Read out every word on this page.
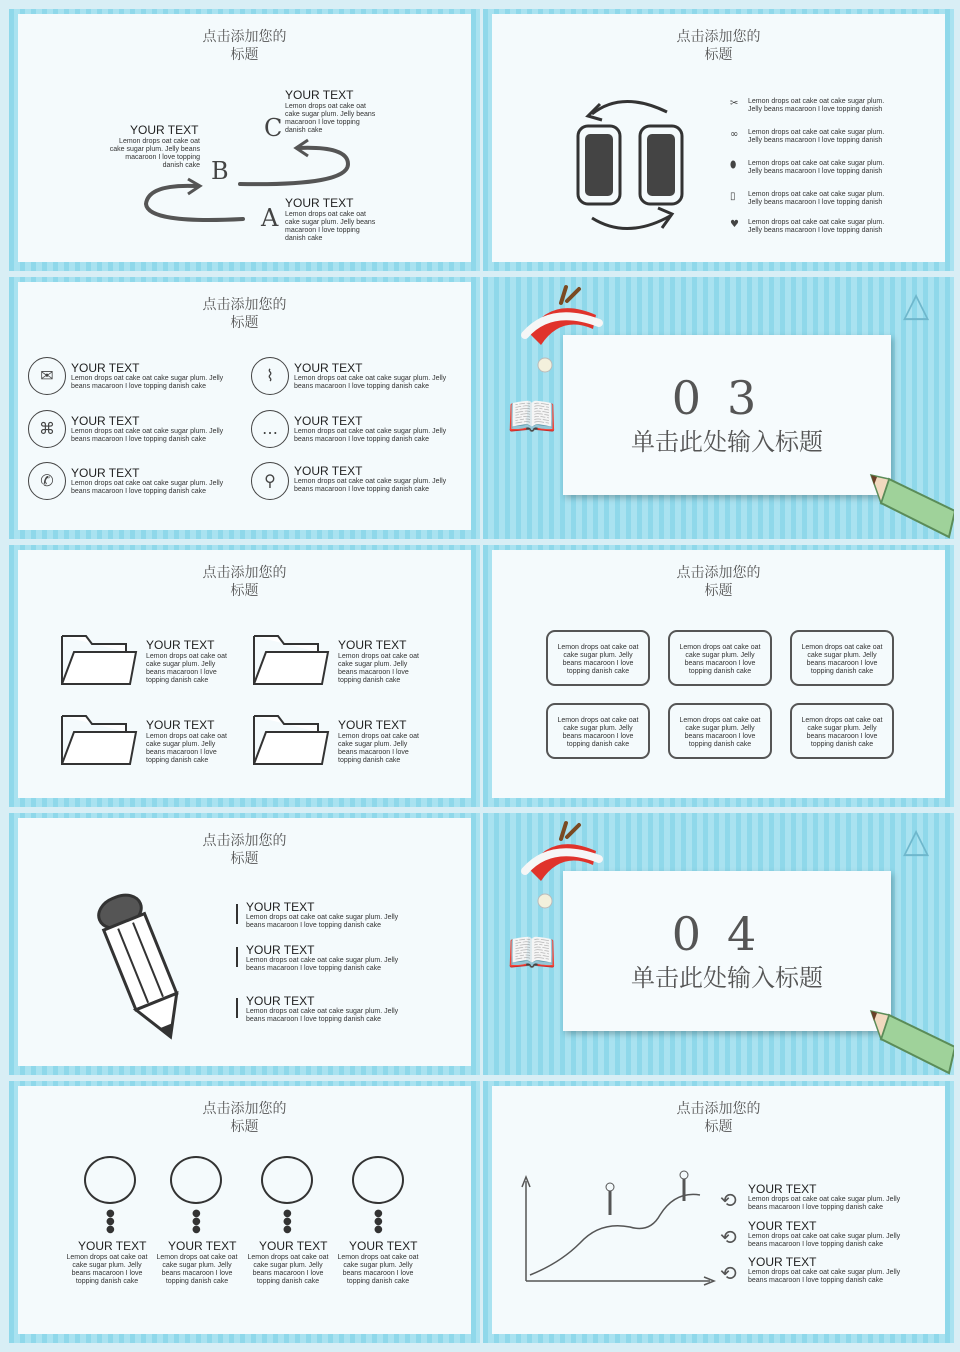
点击添加您的
标题
A
B
C
YOUR TEXT
Lemon drops oat cake oat cake sugar plum. Jelly beans macaroon I love topping danish cake
YOUR TEXT
Lemon drops oat cake oat cake sugar plum. Jelly beans macaroon I love topping danish cake
YOUR TEXT
Lemon drops oat cake oat cake sugar plum. Jelly beans macaroon I love topping danish cake
点击添加您的
标题
✂ Lemon drops oat cake oat cake sugar plum. Jelly beans macaroon I love topping danish
∞ Lemon drops oat cake oat cake sugar plum. Jelly beans macaroon I love topping danish
⬮ Lemon drops oat cake oat cake sugar plum. Jelly beans macaroon I love topping danish
▯ Lemon drops oat cake oat cake sugar plum. Jelly beans macaroon I love topping danish
♥ Lemon drops oat cake oat cake sugar plum. Jelly beans macaroon I love topping danish
点击添加您的
标题
✉	YOUR TEXT
Lemon drops oat cake oat cake sugar plum. Jelly beans macaroon I love topping danish cake
⌇	YOUR TEXT
Lemon drops oat cake oat cake sugar plum. Jelly beans macaroon I love topping danish cake
⌘	YOUR TEXT
Lemon drops oat cake oat cake sugar plum. Jelly beans macaroon I love topping danish cake
…	YOUR TEXT
Lemon drops oat cake oat cake sugar plum. Jelly beans macaroon I love topping danish cake
✆	YOUR TEXT
Lemon drops oat cake oat cake sugar plum. Jelly beans macaroon I love topping danish cake
⚲	YOUR TEXT
Lemon drops oat cake oat cake sugar plum. Jelly beans macaroon I love topping danish cake
📖
△
03
单击此处输入标题
点击添加您的
标题
YOUR TEXT
Lemon drops oat cake oat cake sugar plum. Jelly beans macaroon I love topping danish cake
YOUR TEXT
Lemon drops oat cake oat cake sugar plum. Jelly beans macaroon I love topping danish cake
YOUR TEXT
Lemon drops oat cake oat cake sugar plum. Jelly beans macaroon I love topping danish cake
YOUR TEXT
Lemon drops oat cake oat cake sugar plum. Jelly beans macaroon I love topping danish cake
点击添加您的
标题
Lemon drops oat cake oat cake sugar plum. Jelly beans macaroon I love topping danish cake
Lemon drops oat cake oat cake sugar plum. Jelly beans macaroon I love topping danish cake
Lemon drops oat cake oat cake sugar plum. Jelly beans macaroon I love topping danish cake
Lemon drops oat cake oat cake sugar plum. Jelly beans macaroon I love topping danish cake
Lemon drops oat cake oat cake sugar plum. Jelly beans macaroon I love topping danish cake
Lemon drops oat cake oat cake sugar plum. Jelly beans macaroon I love topping danish cake
点击添加您的
标题
YOUR TEXT
Lemon drops oat cake oat cake sugar plum. Jelly beans macaroon I love topping danish cake
YOUR TEXT
Lemon drops oat cake oat cake sugar plum. Jelly beans macaroon I love topping danish cake
YOUR TEXT
Lemon drops oat cake oat cake sugar plum. Jelly beans macaroon I love topping danish cake
📖
△
04
单击此处输入标题
点击添加您的
标题
●
●
●
YOUR TEXT
Lemon drops oat cake oat cake sugar plum. Jelly beans macaroon I love topping danish cake
●
●
●
YOUR TEXT
Lemon drops oat cake oat cake sugar plum. Jelly beans macaroon I love topping danish cake
●
●
●
YOUR TEXT
Lemon drops oat cake oat cake sugar plum. Jelly beans macaroon I love topping danish cake
●
●
●
YOUR TEXT
Lemon drops oat cake oat cake sugar plum. Jelly beans macaroon I love topping danish cake
点击添加您的
标题
⟲ YOUR TEXT
Lemon drops oat cake oat cake sugar plum. Jelly beans macaroon I love topping danish cake
⟲ YOUR TEXT
Lemon drops oat cake oat cake sugar plum. Jelly beans macaroon I love topping danish cake
⟲ YOUR TEXT
Lemon drops oat cake oat cake sugar plum. Jelly beans macaroon I love topping danish cake
